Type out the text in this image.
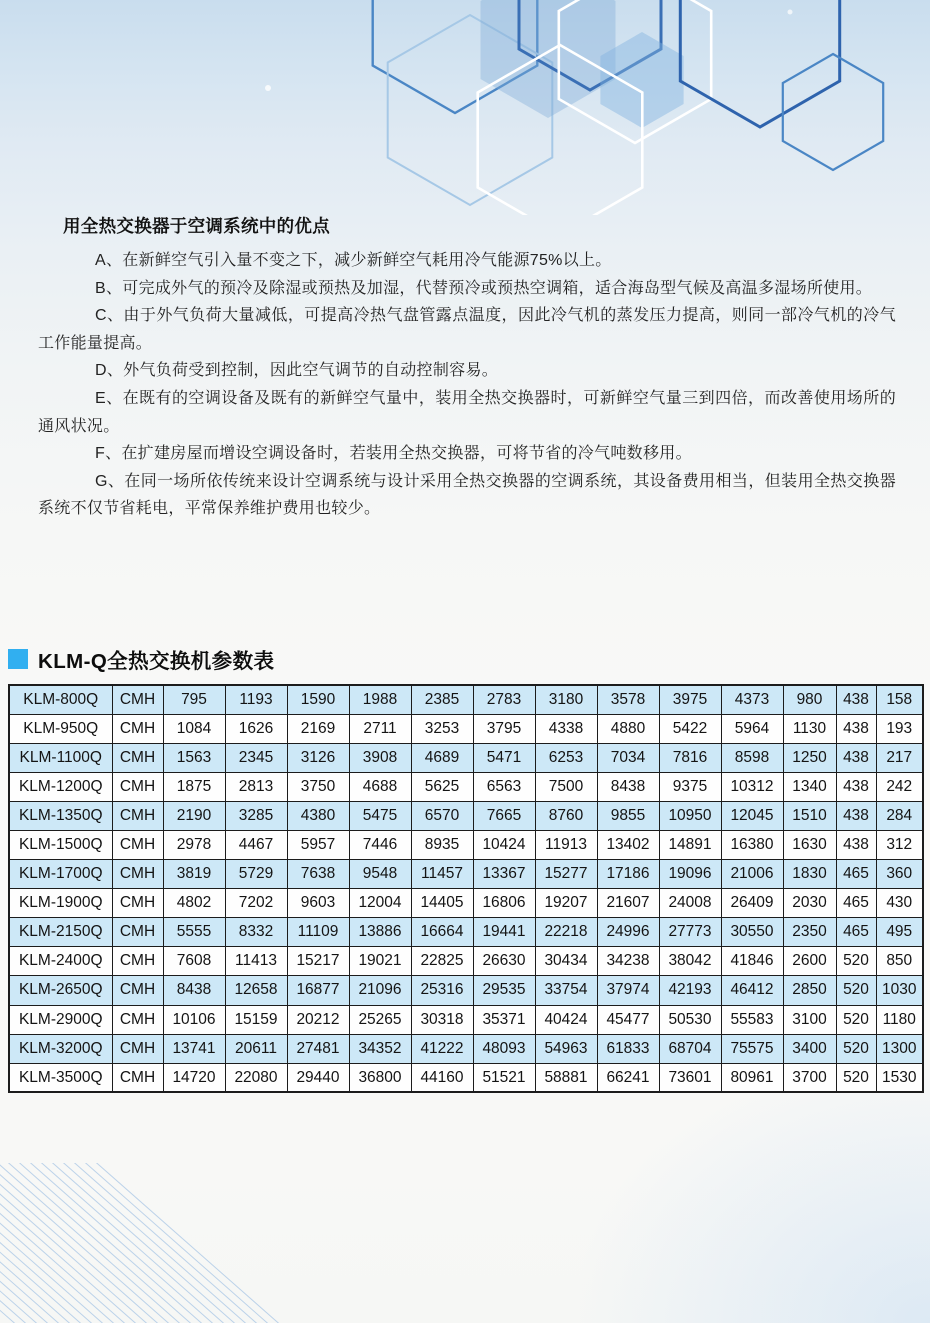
用全热交换器于空调系统中的优点

A、在新鲜空气引入量不变之下，减少新鲜空气耗用冷气能源75%以上。

B、可完成外气的预冷及除湿或预热及加湿，代替预冷或预热空调箱，适合海岛型气候及高温多湿场所使用。

C、由于外气负荷大量减低，可提高冷热气盘管露点温度，因此冷气机的蒸发压力提高，则同一部冷气机的冷气工作能量提高。

D、外气负荷受到控制，因此空气调节的自动控制容易。

E、在既有的空调设备及既有的新鲜空气量中，装用全热交换器时，可新鲜空气量三到四倍，而改善使用场所的通风状况。

F、在扩建房屋而增设空调设备时，若装用全热交换器，可将节省的冷气吨数移用。

G、在同一场所依传统来设计空调系统与设计采用全热交换器的空调系统，其设备费用相当，但装用全热交换器系统不仅节省耗电，平常保养维护费用也较少。

KLM-Q全热交换机参数表
KLM-800Q	CMH	795	1193	1590	1988	2385	2783	3180	3578	3975	4373	980	438	158
KLM-950Q	CMH	1084	1626	2169	2711	3253	3795	4338	4880	5422	5964	1130	438	193
KLM-1100Q	CMH	1563	2345	3126	3908	4689	5471	6253	7034	7816	8598	1250	438	217
KLM-1200Q	CMH	1875	2813	3750	4688	5625	6563	7500	8438	9375	10312	1340	438	242
KLM-1350Q	CMH	2190	3285	4380	5475	6570	7665	8760	9855	10950	12045	1510	438	284
KLM-1500Q	CMH	2978	4467	5957	7446	8935	10424	11913	13402	14891	16380	1630	438	312
KLM-1700Q	CMH	3819	5729	7638	9548	11457	13367	15277	17186	19096	21006	1830	465	360
KLM-1900Q	CMH	4802	7202	9603	12004	14405	16806	19207	21607	24008	26409	2030	465	430
KLM-2150Q	CMH	5555	8332	11109	13886	16664	19441	22218	24996	27773	30550	2350	465	495
KLM-2400Q	CMH	7608	11413	15217	19021	22825	26630	30434	34238	38042	41846	2600	520	850
KLM-2650Q	CMH	8438	12658	16877	21096	25316	29535	33754	37974	42193	46412	2850	520	1030
KLM-2900Q	CMH	10106	15159	20212	25265	30318	35371	40424	45477	50530	55583	3100	520	1180
KLM-3200Q	CMH	13741	20611	27481	34352	41222	48093	54963	61833	68704	75575	3400	520	1300
KLM-3500Q	CMH	14720	22080	29440	36800	44160	51521	58881	66241	73601	80961	3700	520	1530
